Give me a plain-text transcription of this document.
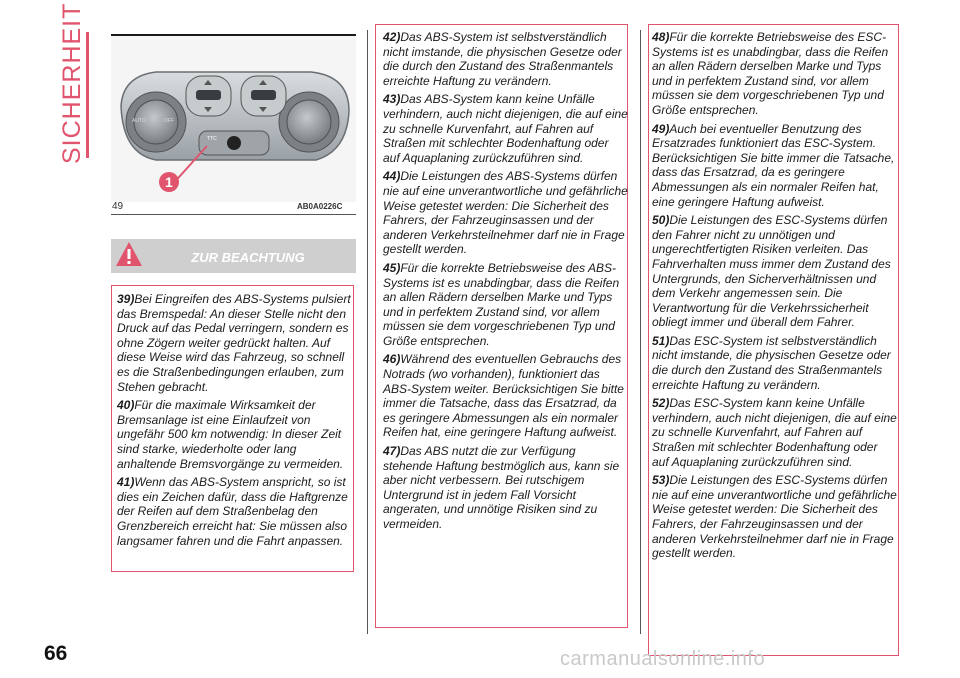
SICHERHEIT	AUTO	OFF
TTC
1
49	AB0A0226C
ZUR BEACHTUNG

39)Bei Eingreifen des ABS-Systems pulsiert das Bremspedal: An dieser Stelle nicht den Druck auf das Pedal verringern, sondern es ohne Zögern weiter gedrückt halten. Auf diese Weise wird das Fahrzeug, so schnell es die Straßenbedingungen erlauben, zum Stehen gebracht.

40)Für die maximale Wirksamkeit der Bremsanlage ist eine Einlaufzeit von ungefähr 500 km notwendig: In dieser Zeit sind starke, wiederholte oder lang anhaltende Bremsvorgänge zu vermeiden.

41)Wenn das ABS-System anspricht, so ist dies ein Zeichen dafür, dass die Haftgrenze der Reifen auf dem Straßenbelag den Grenzbereich erreicht hat: Sie müssen also langsamer fahren und die Fahrt anpassen.

42)Das ABS-System ist selbstverständlich nicht imstande, die physischen Gesetze oder die durch den Zustand des Straßenmantels erreichte Haftung zu verändern.

43)Das ABS-System kann keine Unfälle verhindern, auch nicht diejenigen, die auf eine zu schnelle Kurvenfahrt, auf Fahren auf Straßen mit schlechter Bodenhaftung oder auf Aquaplaning zurückzuführen sind.

44)Die Leistungen des ABS-Systems dürfen nie auf eine unverantwortliche und gefährliche Weise getestet werden: Die Sicherheit des Fahrers, der Fahrzeuginsassen und der anderen Verkehrsteilnehmer darf nie in Frage gestellt werden.

45)Für die korrekte Betriebsweise des ABS-Systems ist es unabdingbar, dass die Reifen an allen Rädern derselben Marke und Typs und in perfektem Zustand sind, vor allem müssen sie dem vorgeschriebenen Typ und Größe entsprechen.

46)Während des eventuellen Gebrauchs des Notrads (wo vorhanden), funktioniert das ABS-System weiter. Berücksichtigen Sie bitte immer die Tatsache, dass das Ersatzrad, da es geringere Abmessungen als ein normaler Reifen hat, eine geringere Haftung aufweist.

47)Das ABS nutzt die zur Verfügung stehende Haftung bestmöglich aus, kann sie aber nicht verbessern. Bei rutschigem Untergrund ist in jedem Fall Vorsicht angeraten, und unnötige Risiken sind zu vermeiden.

48)Für die korrekte Betriebsweise des ESC-Systems ist es unabdingbar, dass die Reifen an allen Rädern derselben Marke und Typs und in perfektem Zustand sind, vor allem müssen sie dem vorgeschriebenen Typ und Größe entsprechen.

49)Auch bei eventueller Benutzung des Ersatzrades funktioniert das ESC-System. Berücksichtigen Sie bitte immer die Tatsache, dass das Ersatzrad, da es geringere Abmessungen als ein normaler Reifen hat, eine geringere Haftung aufweist.

50)Die Leistungen des ESC-Systems dürfen den Fahrer nicht zu unnötigen und ungerechtfertigten Risiken verleiten. Das Fahrverhalten muss immer dem Zustand des Untergrunds, den Sicherverhältnissen und dem Verkehr angemessen sein. Die Verantwortung für die Verkehrssicherheit obliegt immer und überall dem Fahrer.

51)Das ESC-System ist selbstverständlich nicht imstande, die physischen Gesetze oder die durch den Zustand des Straßenmantels erreichte Haftung zu verändern.

52)Das ESC-System kann keine Unfälle verhindern, auch nicht diejenigen, die auf eine zu schnelle Kurvenfahrt, auf Fahren auf Straßen mit schlechter Bodenhaftung oder auf Aquaplaning zurückzuführen sind.

53)Die Leistungen des ESC-Systems dürfen nie auf eine unverantwortliche und gefährliche Weise getestet werden: Die Sicherheit des Fahrers, der Fahrzeuginsassen und der anderen Verkehrsteilnehmer darf nie in Frage gestellt werden.

66	carmanualsonline.info
